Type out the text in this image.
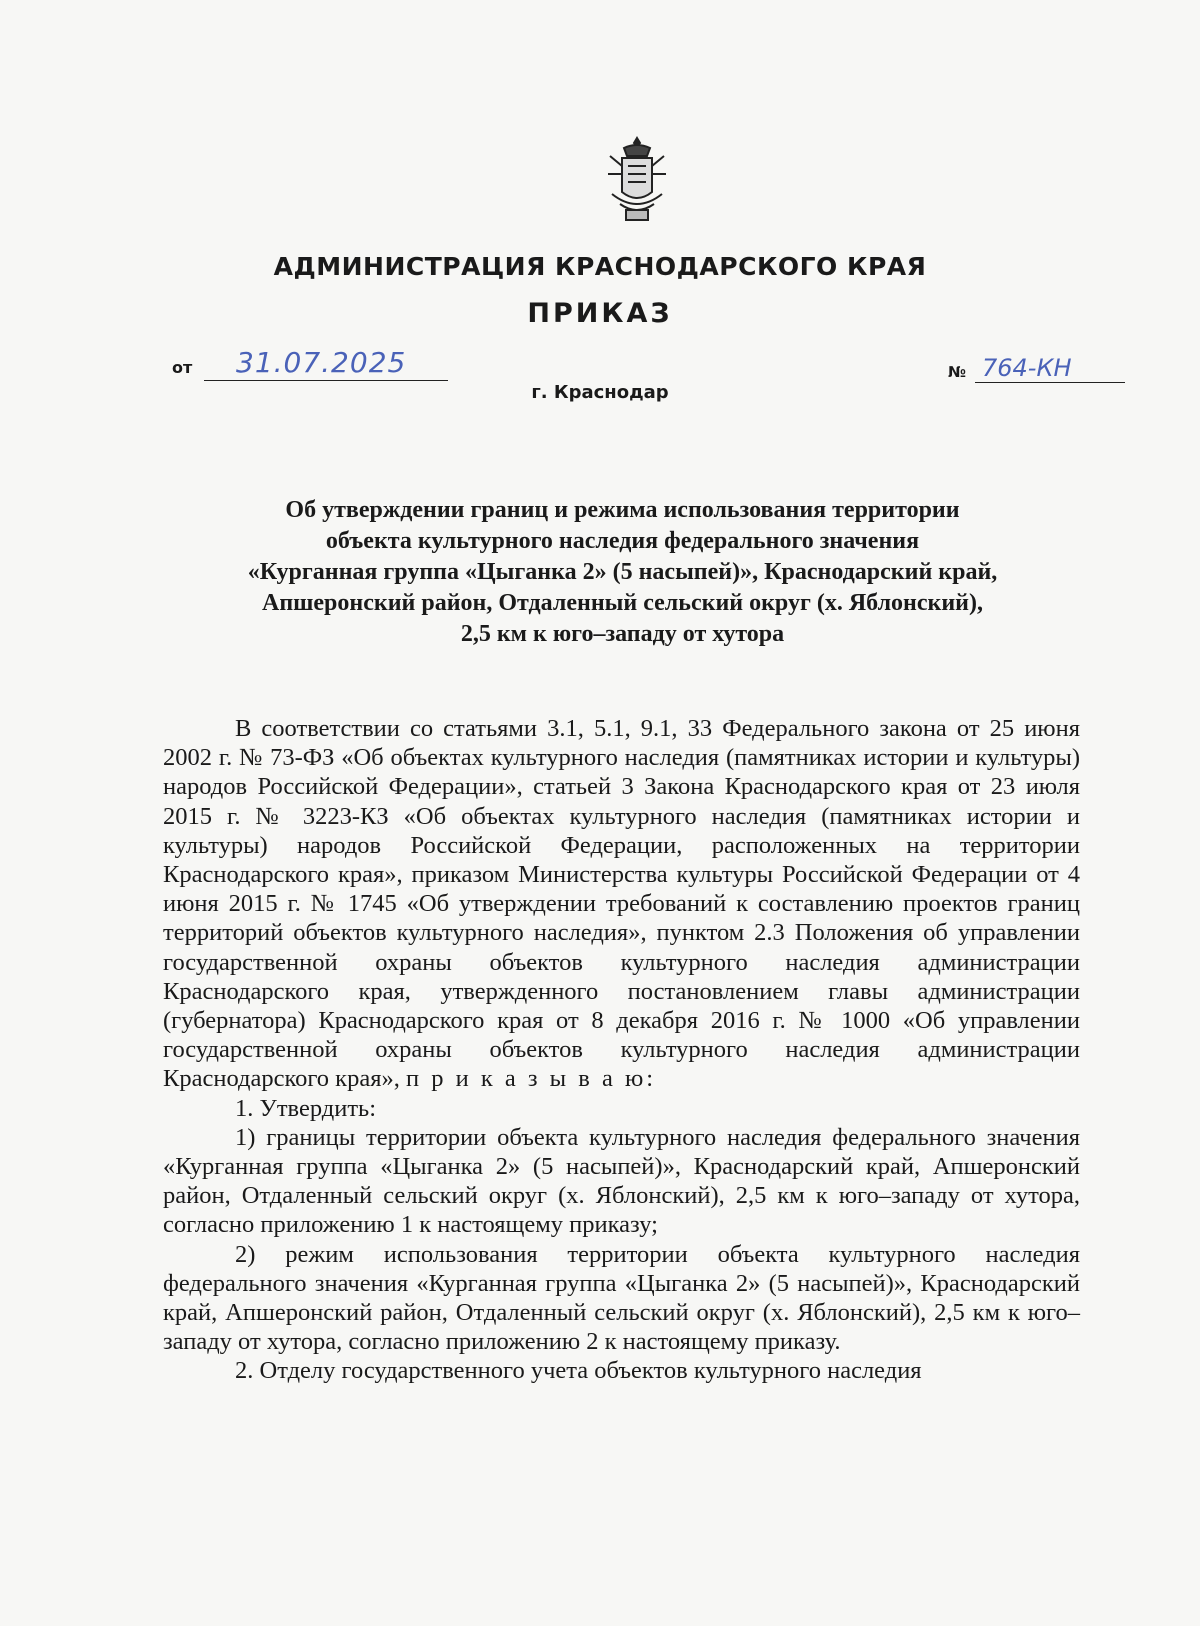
АДМИНИСТРАЦИЯ КРАСНОДАРСКОГО КРАЯ
ПРИКАЗ
от 31.07.2025	№ 764-КН
г. Краснодар
Об утверждении границ и режима использования территории
объекта культурного наследия федерального значения
«Курганная группа «Цыганка 2» (5 насыпей)», Краснодарский край,
Апшеронский район, Отдаленный сельский округ (х. Яблонский),
2,5 км к юго–западу от хутора

В соответствии со статьями 3.1, 5.1, 9.1, 33 Федерального закона от 25 июня 2002 г. № 73-ФЗ «Об объектах культурного наследия (памятниках истории и культуры) народов Российской Федерации», статьей 3 Закона Краснодарского края от 23 июля 2015 г. № 3223-КЗ «Об объектах культурного наследия (памятниках истории и культуры) народов Российской Федерации, расположенных на территории Краснодарского края», приказом Министерства культуры Российской Федерации от 4 июня 2015 г. № 1745 «Об утверждении требований к составлению проектов границ территорий объектов культурного наследия», пунктом 2.3 Положения об управлении государственной охраны объектов культурного наследия администрации Краснодарского края, утвержденного постановлением главы администрации (губернатора) Краснодарского края от 8 декабря 2016 г. № 1000 «Об управлении государственной охраны объектов культурного наследия администрации Краснодарского края», п р и к а з ы в а ю:

1. Утвердить:

1) границы территории объекта культурного наследия федерального значения «Курганная группа «Цыганка 2» (5 насыпей)», Краснодарский край, Апшеронский район, Отдаленный сельский округ (х. Яблонский), 2,5 км к юго–западу от хутора, согласно приложению 1 к настоящему приказу;

2) режим использования территории объекта культурного наследия федерального значения «Курганная группа «Цыганка 2» (5 насыпей)», Краснодарский край, Апшеронский район, Отдаленный сельский округ (х. Яблонский), 2,5 км к юго–западу от хутора, согласно приложению 2 к настоящему приказу.

2. Отделу государственного учета объектов культурного наследия
